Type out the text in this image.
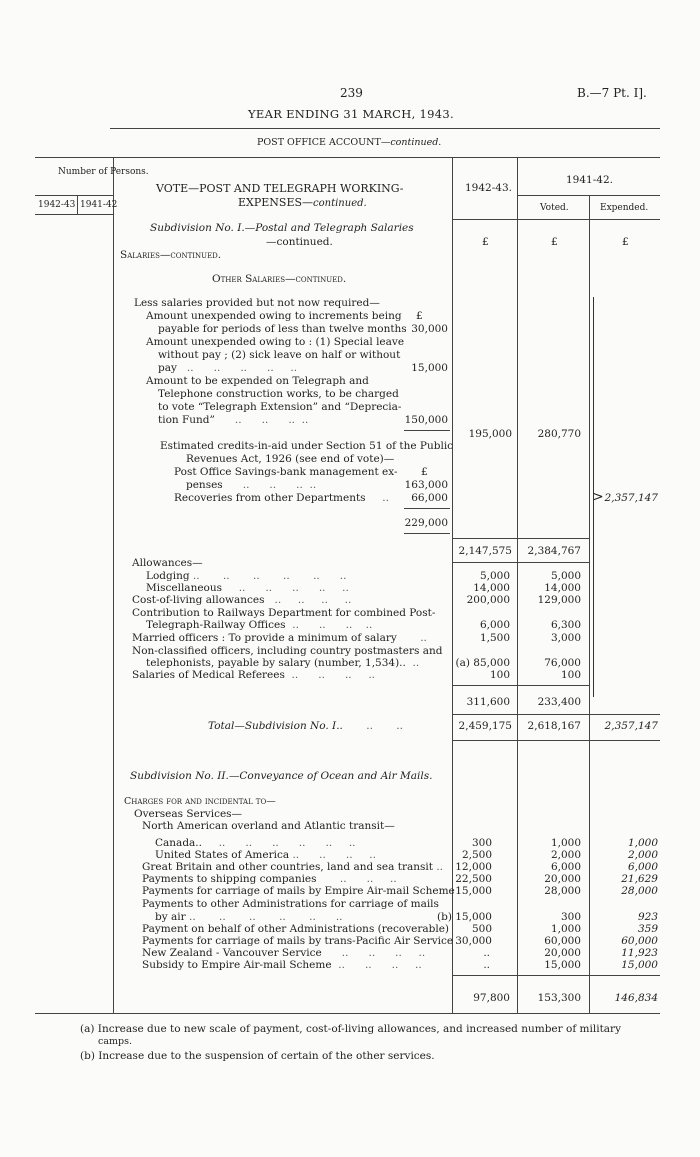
239	B.—7 Pt. I].
YEAR ENDING 31 MARCH, 1943.
POST OFFICE ACCOUNT—continued.
Number of Persons.
1942-43 1941-42
VOTE—POST AND TELEGRAPH WORKING-
EXPENSES—continued.
1942-43.
1941-42.
Voted.	Expended.
Subdivision No. I.—Postal and Telegraph Salaries
—continued.	£	£	£
Salaries—continued.
Other Salaries—continued.
Less salaries provided but not now required—
£
Amount unexpended owing to increments being
payable for periods of less than twelve months 30,000
Amount unexpended owing to : (1) Special leave
without pay ; (2) sick leave on half or without
pay   ..      ..      ..      ..     ..	15,000
Amount to be expended on Telegraph and
Telephone construction works, to be charged
to vote “Telegraph Extension” and “Deprecia-
tion Fund”      ..      ..      ..  ..	150,000
195,000 280,770
Estimated credits-in-aid under Section 51 of the Public
Revenues Act, 1926 (see end of vote)—
£
Post Office Savings-bank management ex-
penses      ..      ..      ..  ..	163,000
Recoveries from other Departments     .. 66,000
229,000
> 2,357,147
2,147,575 2,384,767
Allowances—
Lodging ..       ..       ..       ..       ..      ..	5,000	5,000
Miscellaneous     ..      ..      ..      ..     ..	14,000	14,000
Cost-of-living allowances   ..     ..     ..     ..	200,000	129,000
Contribution to Railways Department for combined Post-
Telegraph-Railway Offices  ..      ..      ..    ..	6,000	6,300
Married officers : To provide a minimum of salary       ..	1,500	3,000
Non-classified officers, including country postmasters and
telephonists, payable by salary (number, 1,534)..  ..	(a) 85,000	76,000
Salaries of Medical Referees  ..      ..      ..     ..	100	100
311,600	233,400
Total—Subdivision No. I..       ..       ..	2,459,175 2,618,167 2,357,147
Subdivision No. II.—Conveyance of Ocean and Air Mails.
Charges for and incidental to—
Overseas Services—
North American overland and Atlantic transit—
Canada..     ..      ..      ..      ..      ..     ..	300	1,000	1,000
United States of America ..      ..      ..     ..	2,500	2,000	2,000
Great Britain and other countries, land and sea transit .. 12,000	6,000	6,000
Payments to shipping companies       ..      ..     ..	22,500	20,000	21,629
Payments for carriage of mails by Empire Air-mail Scheme 15,000	28,000	28,000
Payments to other Administrations for carriage of mails
by air ..       ..       ..       ..       ..      ..	(b) 15,000	300	923
Payment on behalf of other Administrations (recoverable) 500	1,000	359
Payments for carriage of mails by trans-Pacific Air Service 30,000	60,000	60,000
New Zealand - Vancouver Service      ..      ..      ..     ..	..	20,000	11,923
Subsidy to Empire Air-mail Scheme  ..      ..      ..     ..	..	15,000	15,000
97,800	153,300	146,834
(a) Increase due to new scale of payment, cost-of-living allowances, and increased number of military
camps.
(b) Increase due to the suspension of certain of the other services.
